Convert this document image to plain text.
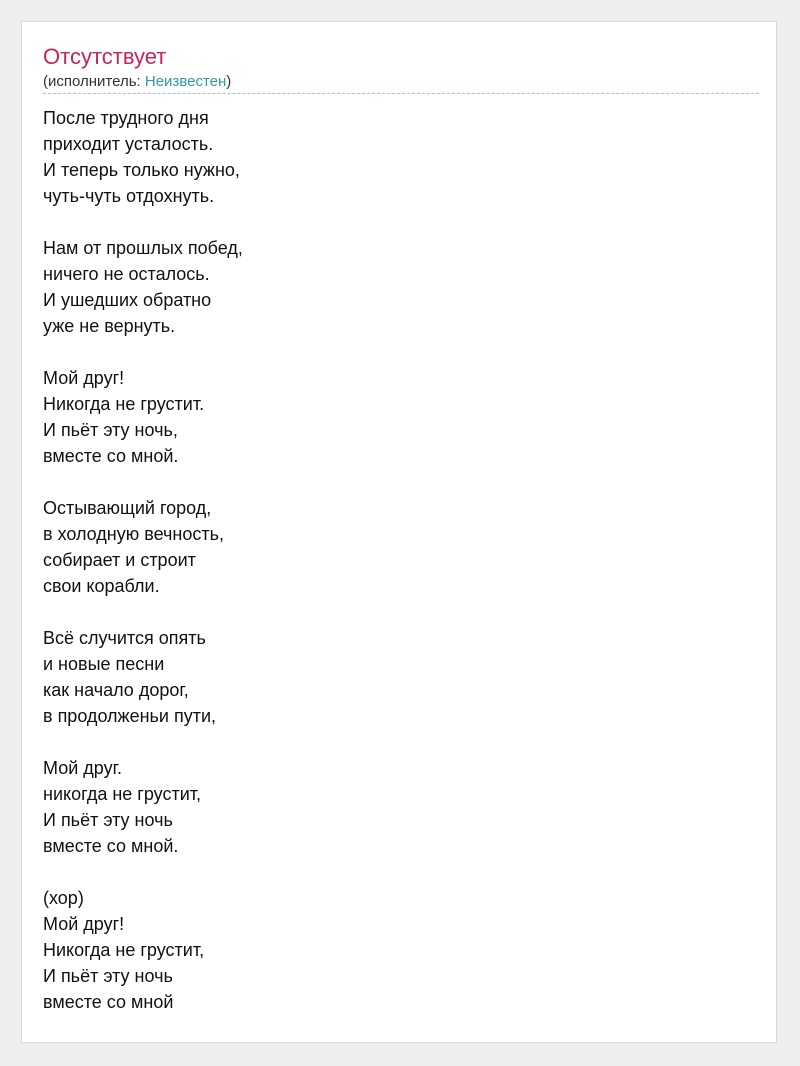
Отсутствует
(исполнитель: Неизвестен)
После трудного дня
приходит усталость.
И теперь только нужно,
чуть-чуть отдохнуть.
Нам от прошлых побед,
ничего не осталось.
И ушедших обратно
уже не вернуть.
Мой друг!
Никогда не грустит.
И пьёт эту ночь,
вместе со мной.
Остывающий город,
в холодную вечность,
собирает и строит
свои корабли.
Всё случится опять
и новые песни
как начало дорог,
в продолженьи пути,
Мой друг.
никогда не грустит,
И пьёт эту ночь
вместе со мной.
(хор)
Мой друг!
Никогда не грустит,
И пьёт эту ночь
вместе со мной
